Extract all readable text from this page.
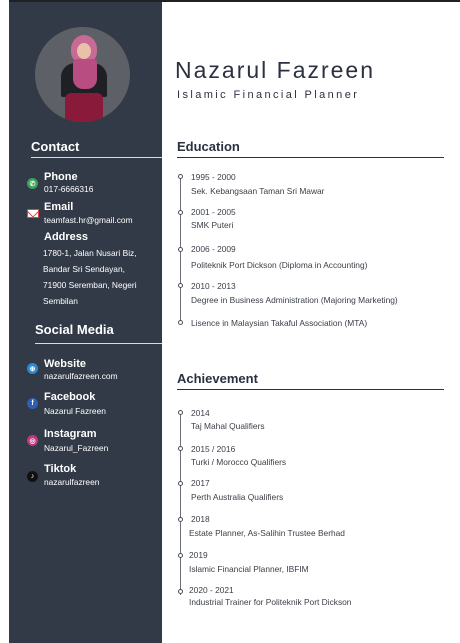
Contact
✆
Phone
017-6666316
Email
teamfast.hr@gmail.com
Address
1780-1, Jalan Nusari Biz,
Bandar Sri Sendayan,
71900 Seremban, Negeri
Sembilan
Social Media
⊕ Website
nazarulfazreen.com
f
Facebook
Nazarul Fazreen
◎
Instagram
Nazarul_Fazreen
♪
Tiktok
nazarulfazreen
Nazarul Fazreen
Islamic Financial Planner
Education
1995 - 2000
Sek. Kebangsaan Taman Sri Mawar
2001 - 2005
SMK Puteri
2006 - 2009
Politeknik Port Dickson (Diploma in Accounting)
2010 - 2013
Degree in Business Administration (Majoring Marketing)
Lisence in Malaysian Takaful Association (MTA)
Achievement
2014
Taj Mahal Qualifiers
2015 / 2016
Turki / Morocco Qualifiers
2017
Perth Australia Qualifiers
2018
Estate Planner, As-Salihin Trustee Berhad
2019
Islamic Financial Planner, IBFIM
2020 - 2021
Industrial Trainer for Politeknik Port Dickson
